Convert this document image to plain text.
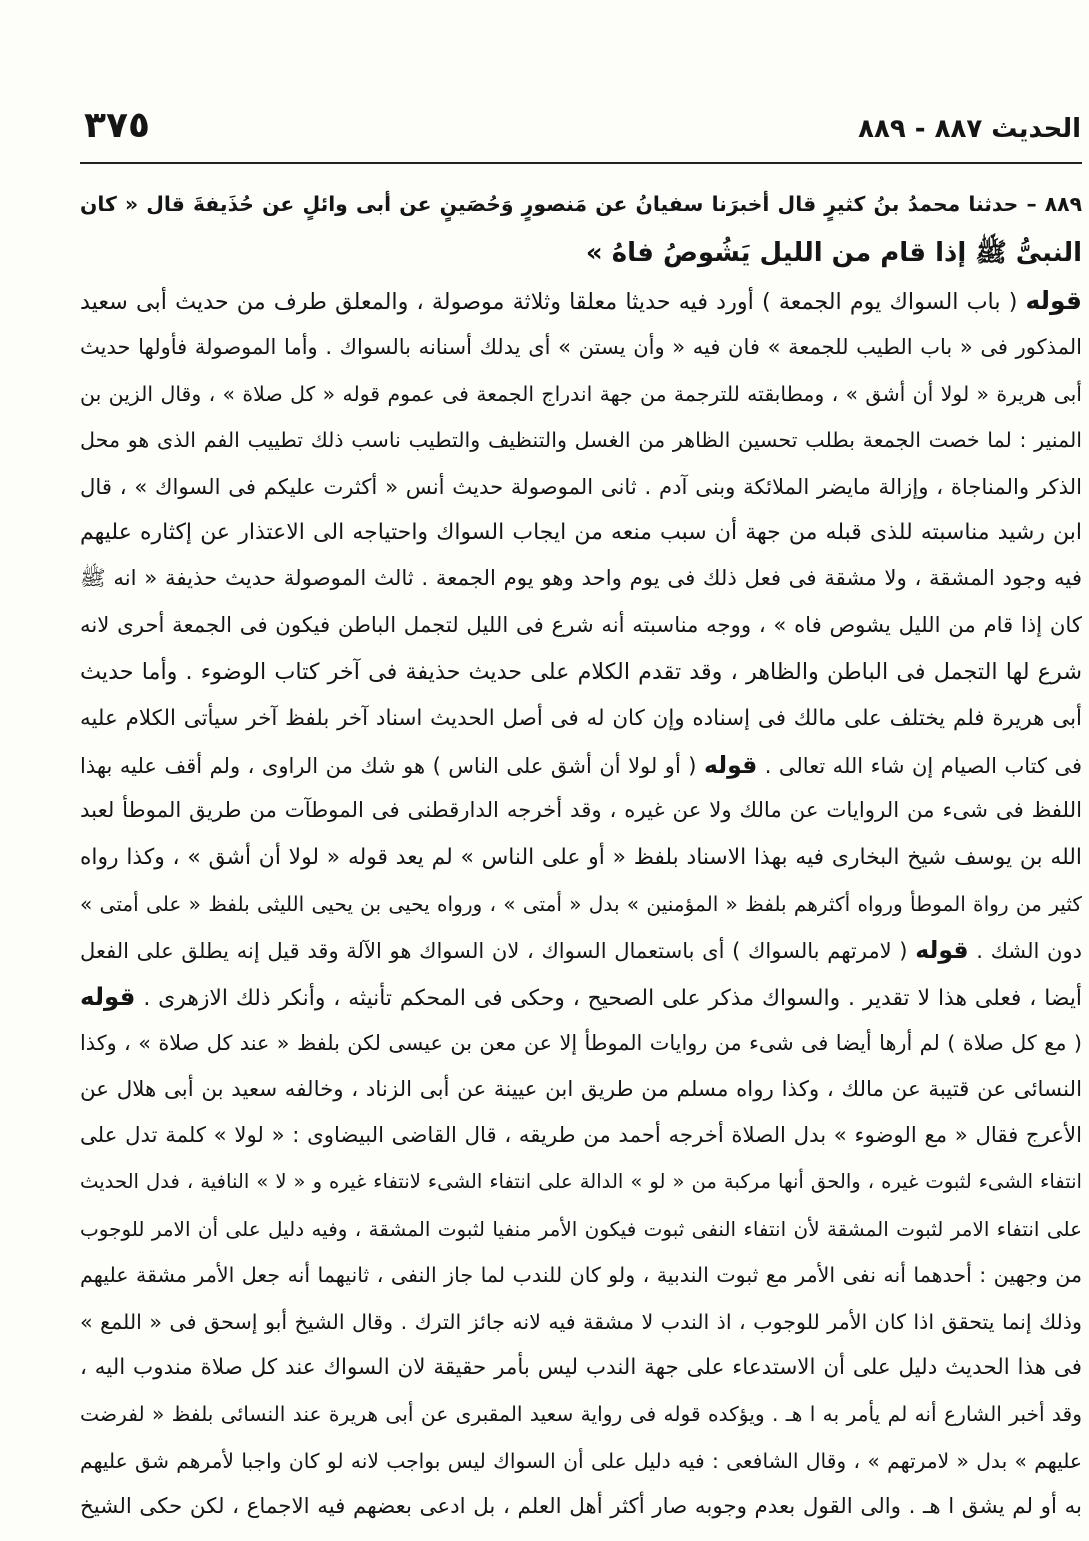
الحديث ٨٨٧ - ٨٨٩
٣٧٥
٨٨٩ – حدثنا محمدُ بنُ كثيرٍ قال أخبرَنا سفيانُ عن مَنصورٍ وَحُصَينٍ عن أبى وائلٍ عن حُذَيفةَ قال « كان
النبىُّ ﷺ إذا قام من الليل يَشُوصُ فاهُ »
قوله ( باب السواك يوم الجمعة ) أورد فيه حديثا معلقا وثلاثة موصولة ، والمعلق طرف من حديث أبى سعيد
المذكور فى « باب الطيب للجمعة » فان فيه « وأن يستن » أى يدلك أسنانه بالسواك . وأما الموصولة فأولها حديث
أبى هريرة « لولا أن أشق » ، ومطابقته للترجمة من جهة اندراج الجمعة فى عموم قوله « كل صلاة » ، وقال الزين بن
المنير : لما خصت الجمعة بطلب تحسين الظاهر من الغسل والتنظيف والتطيب ناسب ذلك تطييب الفم الذى هو محل
الذكر والمناجاة ، وإزالة مايضر الملائكة وبنى آدم . ثانى الموصولة حديث أنس « أكثرت عليكم فى السواك » ، قال
ابن رشيد مناسبته للذى قبله من جهة أن سبب منعه من ايجاب السواك واحتياجه الى الاعتذار عن إكثاره عليهم
فيه وجود المشقة ، ولا مشقة فى فعل ذلك فى يوم واحد وهو يوم الجمعة . ثالث الموصولة حديث حذيفة « انه ﷺ
كان إذا قام من الليل يشوص فاه » ، ووجه مناسبته أنه شرع فى الليل لتجمل الباطن فيكون فى الجمعة أحرى لانه
شرع لها التجمل فى الباطن والظاهر ، وقد تقدم الكلام على حديث حذيفة فى آخر كتاب الوضوء . وأما حديث
أبى هريرة فلم يختلف على مالك فى إسناده وإن كان له فى أصل الحديث اسناد آخر بلفظ آخر سيأتى الكلام عليه
فى كتاب الصيام إن شاء الله تعالى . قوله ( أو لولا أن أشق على الناس ) هو شك من الراوى ، ولم أقف عليه بهذا
اللفظ فى شىء من الروايات عن مالك ولا عن غيره ، وقد أخرجه الدارقطنى فى الموطآت من طريق الموطأ لعبد
الله بن يوسف شيخ البخارى فيه بهذا الاسناد بلفظ « أو على الناس » لم يعد قوله « لولا أن أشق » ، وكذا رواه
كثير من رواة الموطأ ورواه أكثرهم بلفظ « المؤمنين » بدل « أمتى » ، ورواه يحيى بن يحيى الليثى بلفظ « على أمتى »
دون الشك . قوله ( لامرتهم بالسواك ) أى باستعمال السواك ، لان السواك هو الآلة وقد قيل إنه يطلق على الفعل
أيضا ، فعلى هذا لا تقدير . والسواك مذكر على الصحيح ، وحكى فى المحكم تأنيثه ، وأنكر ذلك الازهرى . قوله
( مع كل صلاة ) لم أرها أيضا فى شىء من روايات الموطأ إلا عن معن بن عيسى لكن بلفظ « عند كل صلاة » ، وكذا
النسائى عن قتيبة عن مالك ، وكذا رواه مسلم من طريق ابن عيينة عن أبى الزناد ، وخالفه سعيد بن أبى هلال عن
الأعرج فقال « مع الوضوء » بدل الصلاة أخرجه أحمد من طريقه ، قال القاضى البيضاوى : « لولا » كلمة تدل على
انتفاء الشىء لثبوت غيره ، والحق أنها مركبة من « لو » الدالة على انتفاء الشىء لانتفاء غيره و « لا » النافية ، فدل الحديث
على انتفاء الامر لثبوت المشقة لأن انتفاء النفى ثبوت فيكون الأمر منفيا لثبوت المشقة ، وفيه دليل على أن الامر للوجوب
من وجهين : أحدهما أنه نفى الأمر مع ثبوت الندبية ، ولو كان للندب لما جاز النفى ، ثانيهما أنه جعل الأمر مشقة عليهم
وذلك إنما يتحقق اذا كان الأمر للوجوب ، اذ الندب لا مشقة فيه لانه جائز الترك . وقال الشيخ أبو إسحق فى « اللمع »
فى هذا الحديث دليل على أن الاستدعاء على جهة الندب ليس بأمر حقيقة لان السواك عند كل صلاة مندوب اليه ،
وقد أخبر الشارع أنه لم يأمر به ا هـ . ويؤكده قوله فى رواية سعيد المقبرى عن أبى هريرة عند النسائى بلفظ « لفرضت
عليهم » بدل « لامرتهم » ، وقال الشافعى : فيه دليل على أن السواك ليس بواجب لانه لو كان واجبا لأمرهم شق عليهم
به أو لم يشق ا هـ . والى القول بعدم وجوبه صار أكثر أهل العلم ، بل ادعى بعضهم فيه الاجماع ، لكن حكى الشيخ
